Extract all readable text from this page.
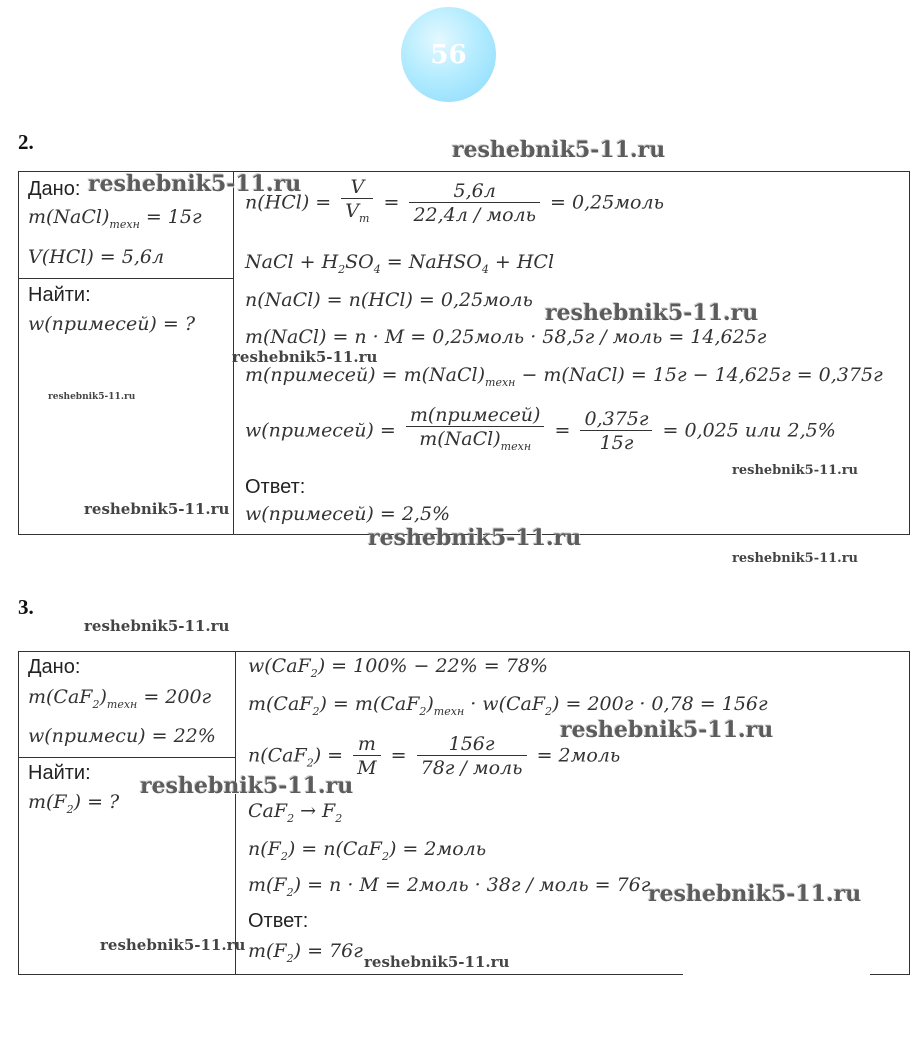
56
2.
Дано:
$m(NaCl)_{техн} = 15г$
V(HCl) = 5,6л
Найти:
w(примесей) = ?
$n(HCl) = \frac{V}{V_m} = \frac{5,6л}{\text{22,4л / моль}}$ = 0,25моль
NaCl + $H_2SO_4$ = NaHSO$_4$ + HCl
n(NaCl) = n(HCl) = 0,25моль
m(NaCl) = n · M = 0,25моль · 58,5г / моль = 14,625г
m(примесей) = $m(NaCl)_{техн}$ − m(NaCl) = 15г − 14,625г = 0,375г
w(примесей) = $\frac{\text{m(примесей)}}{m(NaCl)_{техн}} = \frac{0,375г}{15г} = 0,025$ или 2,5%
Ответ:
w(примесей) = 2,5%
3.
Дано:
$m(CaF_2)_{техн} = 200г$
w(примеси) = 22%
Найти:
$m(F_2)$ = ?
w(CaF$_2$) = 100% − 22% = 78%
$m(CaF_2) = m(CaF_2)_{техн} \cdot w(CaF_2) = 200г \cdot 0,78 = 156г$
$n(CaF_2) = \frac{m}{M} = \frac{156г}{\text{78г / моль}}$ = 2моль
$CaF_2 \to F_2$
$n(F_2) = n(CaF_2)$ = 2моль
$m(F_2) = n \cdot M$ = 2моль · 38г / моль = 76г
Ответ:
$m(F_2) = 76г$
reshebnik5-11.ru
reshebnik5-11.ru
reshebnik5-11.ru
reshebnik5-11.ru
reshebnik5-11.ru
reshebnik5-11.ru
reshebnik5-11.ru
reshebnik5-11.ru
reshebnik5-11.ru
reshebnik5-11.ru
reshebnik5-11.ru
reshebnik5-11.ru
reshebnik5-11.ru
reshebnik5-11.ru
reshebnik5-11.ru
